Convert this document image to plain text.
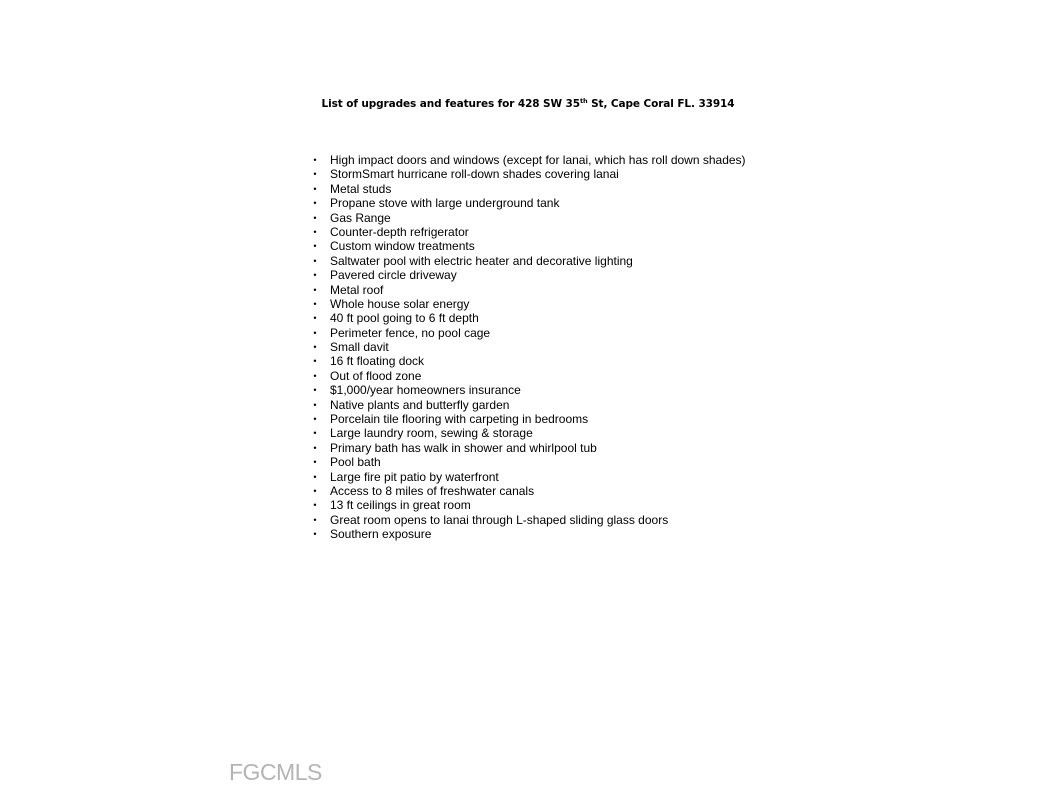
List of upgrades and features for 428 SW 35th St, Cape Coral FL. 33914
• High impact doors and windows (except for lanai, which has roll down shades)
• StormSmart hurricane roll-down shades covering lanai
• Metal studs
• Propane stove with large underground tank
• Gas Range
• Counter-depth refrigerator
• Custom window treatments
• Saltwater pool with electric heater and decorative lighting
• Pavered circle driveway
• Metal roof
• Whole house solar energy
• 40 ft pool going to 6 ft depth
• Perimeter fence, no pool cage
• Small davit
• 16 ft floating dock
• Out of flood zone
• $1,000/year homeowners insurance
• Native plants and butterfly garden
• Porcelain tile flooring with carpeting in bedrooms
• Large laundry room, sewing & storage
• Primary bath has walk in shower and whirlpool tub
• Pool bath
• Large fire pit patio by waterfront
• Access to 8 miles of freshwater canals
• 13 ft ceilings in great room
• Great room opens to lanai through L-shaped sliding glass doors
• Southern exposure
FGCMLS
